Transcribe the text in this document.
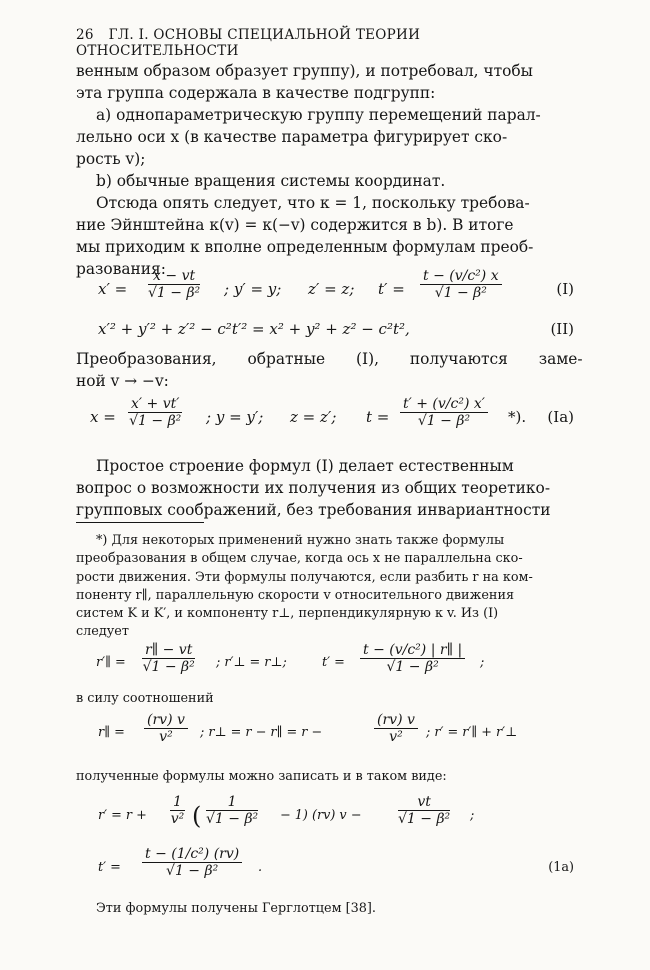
26 ГЛ. I. ОСНОВЫ СПЕЦИАЛЬНОЙ ТЕОРИИ ОТНОСИТЕЛЬНОСТИ
венным образом образует группу), и потребовал, чтобы
эта группа содержала в качестве подгрупп:
a) однопараметрическую группу перемещений парал-
лельно оси x (в качестве параметра фигурирует ско-
рость v);
b) обычные вращения системы координат.
Отсюда опять следует, что κ = 1, поскольку требова-
ние Эйнштейна κ(v) = κ(−v) содержится в b). В итоге
мы приходим к вполне определенным формулам преоб-
разования:
$x' = \frac{x - vt}{\text{√1 − β²}}$ ; y′ = y; z′ = z; $t' = \frac{\text{t − (v/c²) x}}{\text{√1 − β²}}$	(I)
x′² + y′² + z′² − c²t′² = x² + y² + z² − c²t²,	(II)
Преобразования, обратные (I), получаются заме-
ной v → −v:
$x = \frac{x' + vt'}{\text{√1 − β²}}$ ; y = y′; z = z′; $t = \frac{\text{t′ + (v/c²) x′}}{\text{√1 − β²}}$ *). (Ia)
Простое строение формул (I) делает естественным
вопрос о возможности их получения из общих теоретико-
групповых соображений, без требования инвариантности
*) Для некоторых применений нужно знать также формулы
преобразования в общем случае, когда ось x не параллельна ско-
рости движения. Эти формулы получаются, если разбить r на ком-
поненту r∥, параллельную скорости v относительного движения
систем K и K′, и компоненту r⊥, перпендикулярную к v. Из (I)
следует
r′∥ = $\frac{r\parallel - vt}{\text{√1 − β²}}$ ; r′⊥ = r⊥;	$t' = \frac{\text{t − (v/c²) | r∥ |}}{\text{√1 − β²}}$ ;
в силу соотношений
r∥ = $\frac{(rv) v}{\text{v²}}$ ; r⊥ = r − r∥ = r −	$\frac{(rv) v}{\text{v²}}$ ; r′ = r′∥ + r′⊥
полученные формулы можно записать и в таком виде:
$r' = r + \frac{1}{\text{v²}}$ ( $\frac{1}{\text{√1 − β²}} - 1$) (rv) v −	$\frac{vt}{\text{√1 − β²}}$ ;
$t' = \frac{\text{t − (1/c²) (rv)}}{\text{√1 − β²}}$ .	(1a)
Эти формулы получены Герглотцем [38].
